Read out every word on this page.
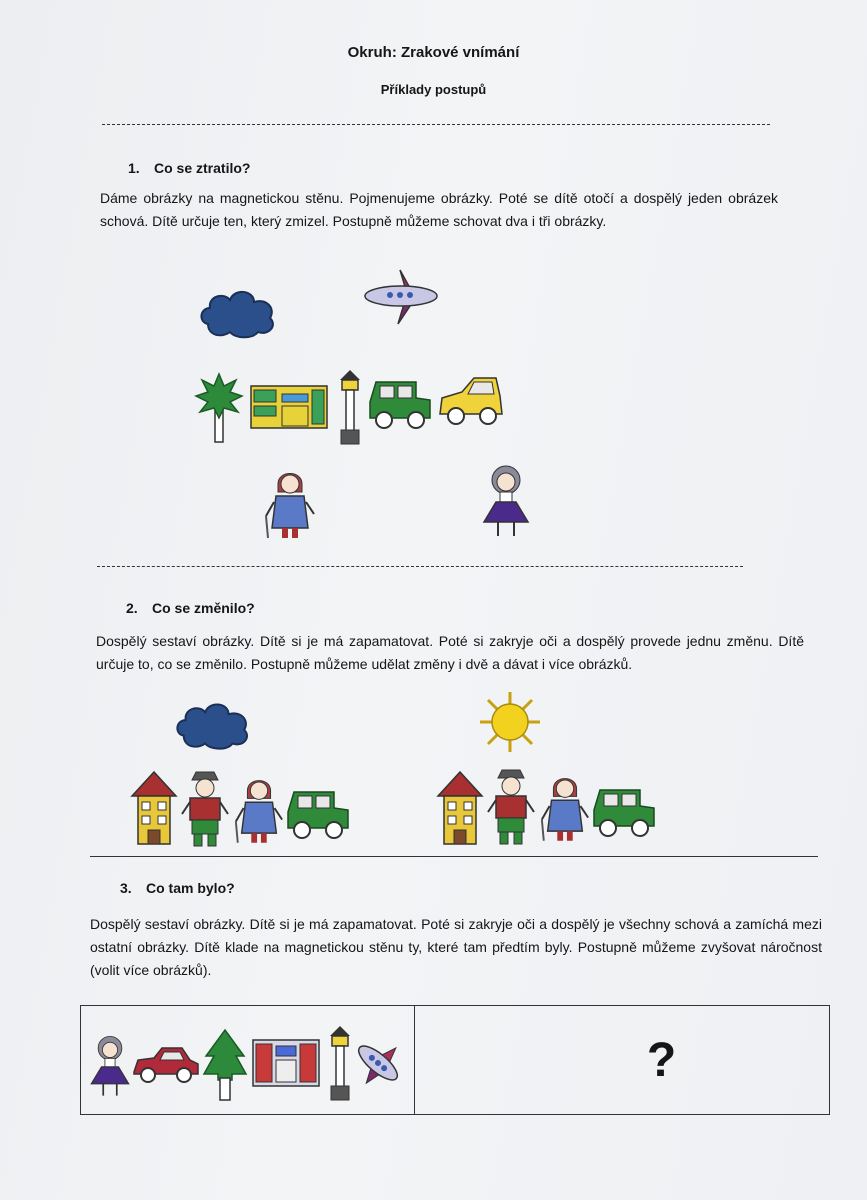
Okruh: Zrakové vnímání
Příklady postupů
1. Co se ztratilo?

Dáme obrázky na magnetickou stěnu. Pojmenujeme obrázky. Poté se dítě otočí a dospělý jeden obrázek schová. Dítě určuje ten, který zmizel. Postupně můžeme schovat dva i tři obrázky.

2. Co se změnilo?

Dospělý sestaví obrázky. Dítě si je má zapamatovat. Poté si zakryje oči a dospělý provede jednu změnu. Dítě určuje to, co se změnilo. Postupně můžeme udělat změny i dvě a dávat i více obrázků.

3. Co tam bylo?

Dospělý sestaví obrázky. Dítě si je má zapamatovat. Poté si zakryje oči a dospělý je všechny schová a zamíchá mezi ostatní obrázky. Dítě klade na magnetickou stěnu ty, které tam předtím byly. Postupně můžeme zvyšovat náročnost (volit více obrázků).

?
